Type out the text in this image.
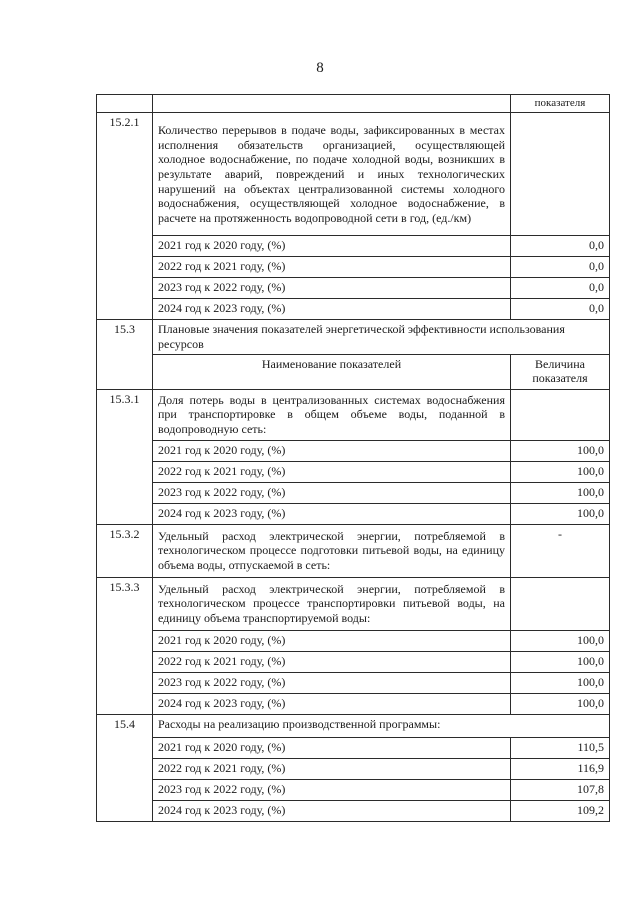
8
		показателя
15.2.1	Количество перерывов в подаче воды, зафиксированных в местах исполнения обязательств организацией, осуществляющей холодное водоснабжение, по подаче холодной воды, возникших в результате аварий, повреждений и иных технологических нарушений на объектах централизованной системы холодного водоснабжения, осуществляющей холодное водоснабжение, в расчете на протяженность водопроводной сети в год, (ед./км)	
	2021 год к 2020 году, (%)	0,0
	2022 год к 2021 году, (%)	0,0
	2023 год к 2022 году, (%)	0,0
	2024 год к 2023 году, (%)	0,0
15.3	Плановые значения показателей энергетической эффективности использования ресурсов	
	Наименование показателей	Величина показателя
15.3.1	Доля потерь воды в централизованных системах водоснабжения при транспортировке в общем объеме воды, поданной в водопроводную сеть:	
	2021 год к 2020 году, (%)	100,0
	2022 год к 2021 году, (%)	100,0
	2023 год к 2022 году, (%)	100,0
	2024 год к 2023 году, (%)	100,0
15.3.2	Удельный расход электрической энергии, потребляемой в технологическом процессе подготовки питьевой воды, на единицу объема воды, отпускаемой в сеть:	-
15.3.3	Удельный расход электрической энергии, потребляемой в технологическом процессе транспортировки питьевой воды, на единицу объема транспортируемой воды:	
	2021 год к 2020 году, (%)	100,0
	2022 год к 2021 году, (%)	100,0
	2023 год к 2022 году, (%)	100,0
	2024 год к 2023 году, (%)	100,0
15.4	Расходы на реализацию производственной программы:	
	2021 год к 2020 году, (%)	110,5
	2022 год к 2021 году, (%)	116,9
	2023 год к 2022 году, (%)	107,8
	2024 год к 2023 году, (%)	109,2
